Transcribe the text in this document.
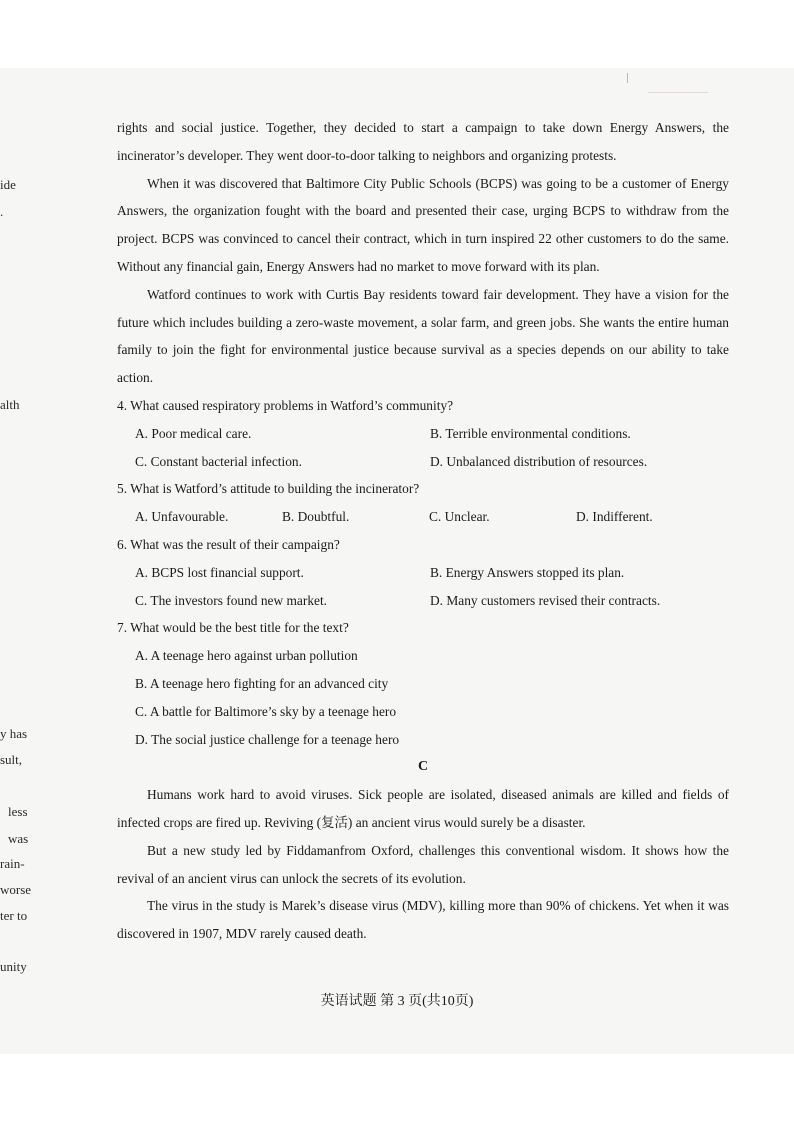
ide
.
alth
y has
sult,
less
was
rain-
worse
ter to
unity

rights and social justice. Together, they decided to start a campaign to take down Energy Answers, the incinerator’s developer. They went door-to-door talking to neighbors and organizing protests.

When it was discovered that Baltimore City Public Schools (BCPS) was going to be a customer of Energy Answers, the organization fought with the board and presented their case, urging BCPS to withdraw from the project. BCPS was convinced to cancel their contract, which in turn inspired 22 other customers to do the same. Without any financial gain, Energy Answers had no market to move forward with its plan.

Watford continues to work with Curtis Bay residents toward fair development. They have a vision for the future which includes building a zero-waste movement, a solar farm, and green jobs. She wants the entire human family to join the fight for environmental justice because survival as a species depends on our ability to take action.

4. What caused respiratory problems in Watford’s community?

A. Poor medical care.	B. Terrible environmental conditions.
C. Constant bacterial infection.	D. Unbalanced distribution of resources.

5. What is Watford’s attitude to building the incinerator?

A. Unfavourable.	B. Doubtful.	C. Unclear.	D. Indifferent.

6. What was the result of their campaign?

A. BCPS lost financial support.	B. Energy Answers stopped its plan.
C. The investors found new market.	D. Many customers revised their contracts.

7. What would be the best title for the text?

A. A teenage hero against urban pollution
B. A teenage hero fighting for an advanced city
C. A battle for Baltimore’s sky by a teenage hero
D. The social justice challenge for a teenage hero

C

Humans work hard to avoid viruses. Sick people are isolated, diseased animals are killed and fields of infected crops are fired up. Reviving (复活) an ancient virus would surely be a disaster.

But a new study led by Fiddamanfrom Oxford, challenges this conventional wisdom. It shows how the revival of an ancient virus can unlock the secrets of its evolution.

The virus in the study is Marek’s disease virus (MDV), killing more than 90% of chickens. Yet when it was discovered in 1907, MDV rarely caused death.

英语试题 第 3 页(共10页)
